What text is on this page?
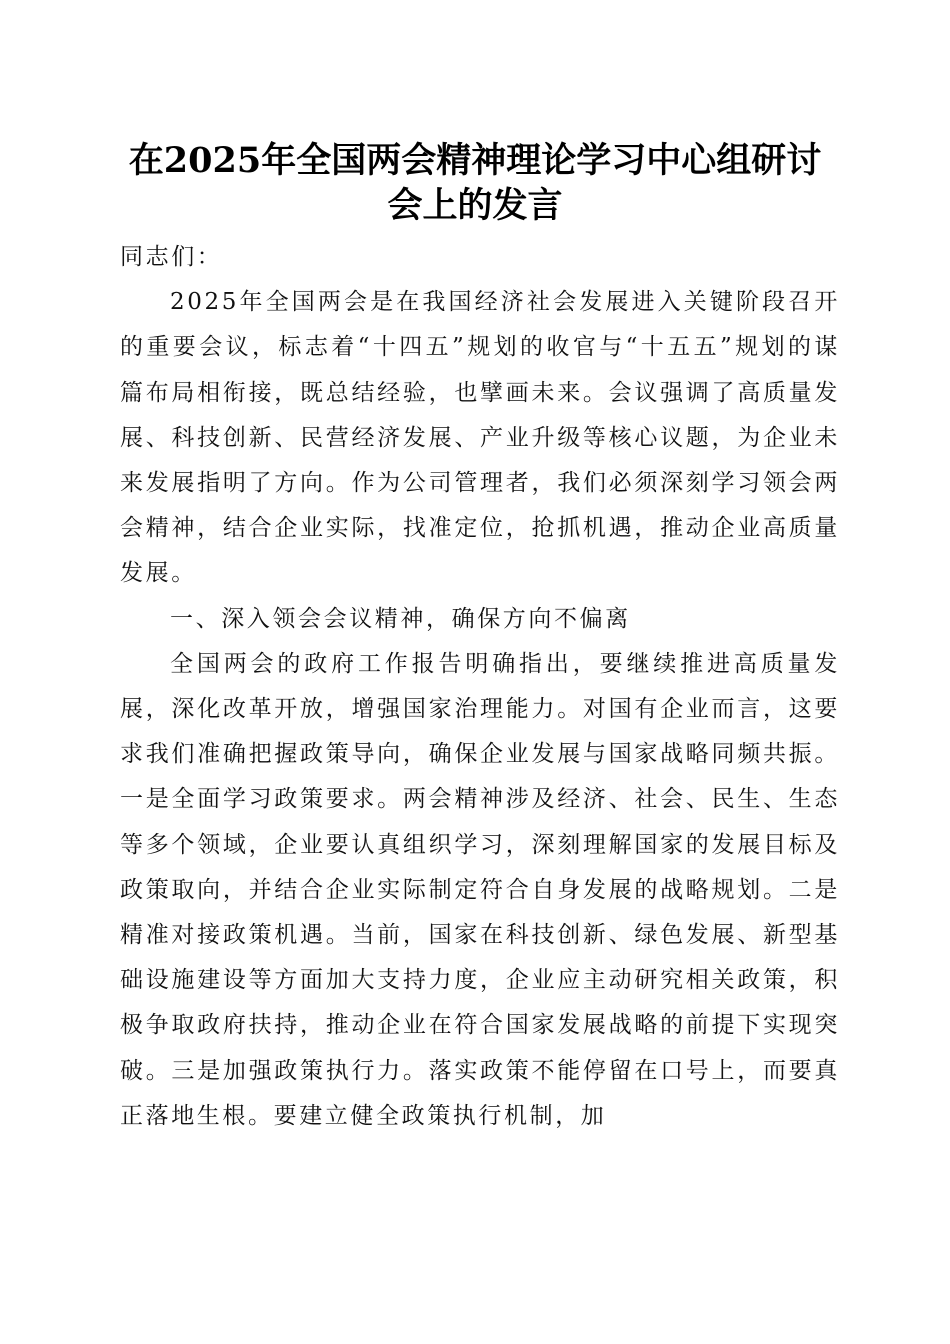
在2025年全国两会精神理论学习中心组研讨
会上的发言

同志们：

2025年全国两会是在我国经济社会发展进入关键阶段召开的重要会议，标志着“十四五”规划的收官与“十五五”规划的谋篇布局相衔接，既总结经验，也擘画未来。会议强调了高质量发展、科技创新、民营经济发展、产业升级等核心议题，为企业未来发展指明了方向。作为公司管理者，我们必须深刻学习领会两会精神，结合企业实际，找准定位，抢抓机遇，推动企业高质量发展。

一、深入领会会议精神，确保方向不偏离

全国两会的政府工作报告明确指出，要继续推进高质量发展，深化改革开放，增强国家治理能力。对国有企业而言，这要求我们准确把握政策导向，确保企业发展与国家战略同频共振。一是全面学习政策要求。两会精神涉及经济、社会、民生、生态等多个领域，企业要认真组织学习，深刻理解国家的发展目标及政策取向，并结合企业实际制定符合自身发展的战略规划。二是精准对接政策机遇。当前，国家在科技创新、绿色发展、新型基础设施建设等方面加大支持力度，企业应主动研究相关政策，积极争取政府扶持，推动企业在符合国家发展战略的前提下实现突破。三是加强政策执行力。落实政策不能停留在口号上，而要真正落地生根。要建立健全政策执行机制，加
